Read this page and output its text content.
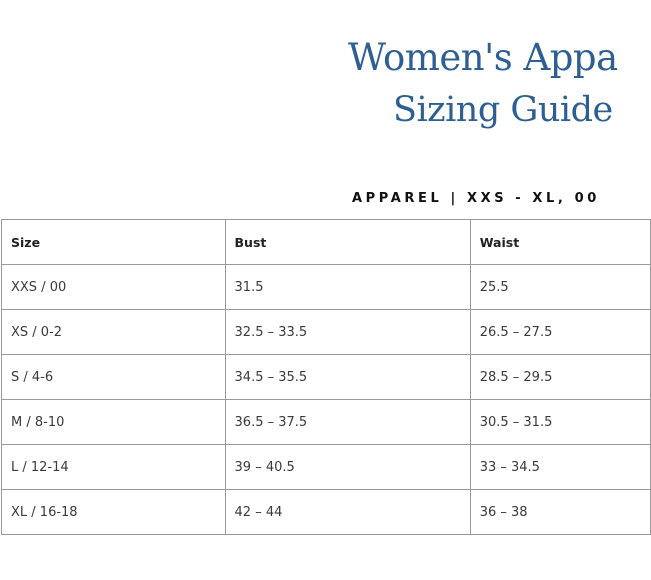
Women's Appa
Sizing Guide
APPAREL | XXS - XL, 00
Size	Bust	Waist
XXS / 00	31.5	25.5
XS / 0-2	32.5 – 33.5	26.5 – 27.5
S / 4-6	34.5 – 35.5	28.5 – 29.5
M / 8-10	36.5 – 37.5	30.5 – 31.5
L / 12-14	39 – 40.5	33 – 34.5
XL / 16-18	42 – 44	36 – 38
